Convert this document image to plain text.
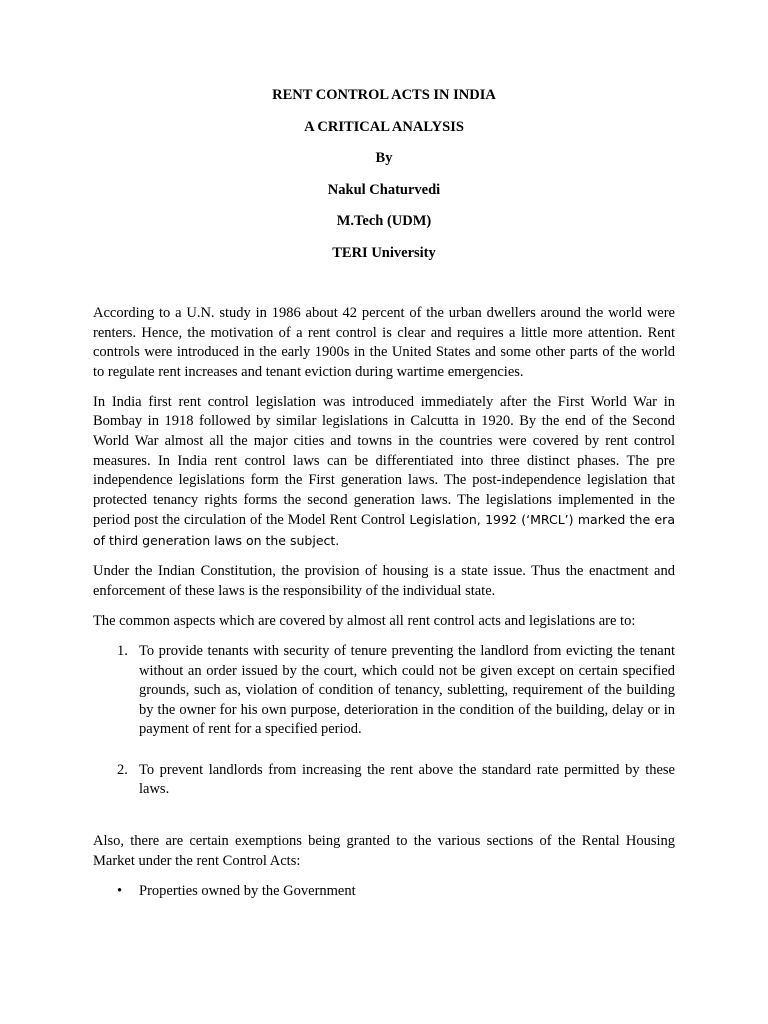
RENT CONTROL ACTS IN INDIA
A CRITICAL ANALYSIS
By
Nakul Chaturvedi
M.Tech (UDM)
TERI University

According to a U.N. study in 1986 about 42 percent of the urban dwellers around the world were renters. Hence, the motivation of a rent control is clear and requires a little more attention. Rent controls were introduced in the early 1900s in the United States and some other parts of the world to regulate rent increases and tenant eviction during wartime emergencies.

In India first rent control legislation was introduced immediately after the First World War in Bombay in 1918 followed by similar legislations in Calcutta in 1920. By the end of the Second World War almost all the major cities and towns in the countries were covered by rent control measures. In India rent control laws can be differentiated into three distinct phases. The pre independence legislations form the First generation laws. The post-independence legislation that protected tenancy rights forms the second generation laws. The legislations implemented in the period post the circulation of the Model Rent Control Legislation, 1992 (‘MRCL’) marked the era of third generation laws on the subject.

Under the Indian Constitution, the provision of housing is a state issue. Thus the enactment and enforcement of these laws is the responsibility of the individual state.

The common aspects which are covered by almost all rent control acts and legislations are to:

1. To provide tenants with security of tenure preventing the landlord from evicting the tenant without an order issued by the court, which could not be given except on certain specified grounds, such as, violation of condition of tenancy, subletting, requirement of the building by the owner for his own purpose, deterioration in the condition of the building, delay or in payment of rent for a specified period.
2. To prevent landlords from increasing the rent above the standard rate permitted by these laws.

Also, there are certain exemptions being granted to the various sections of the Rental Housing Market under the rent Control Acts:

• Properties owned by the Government
